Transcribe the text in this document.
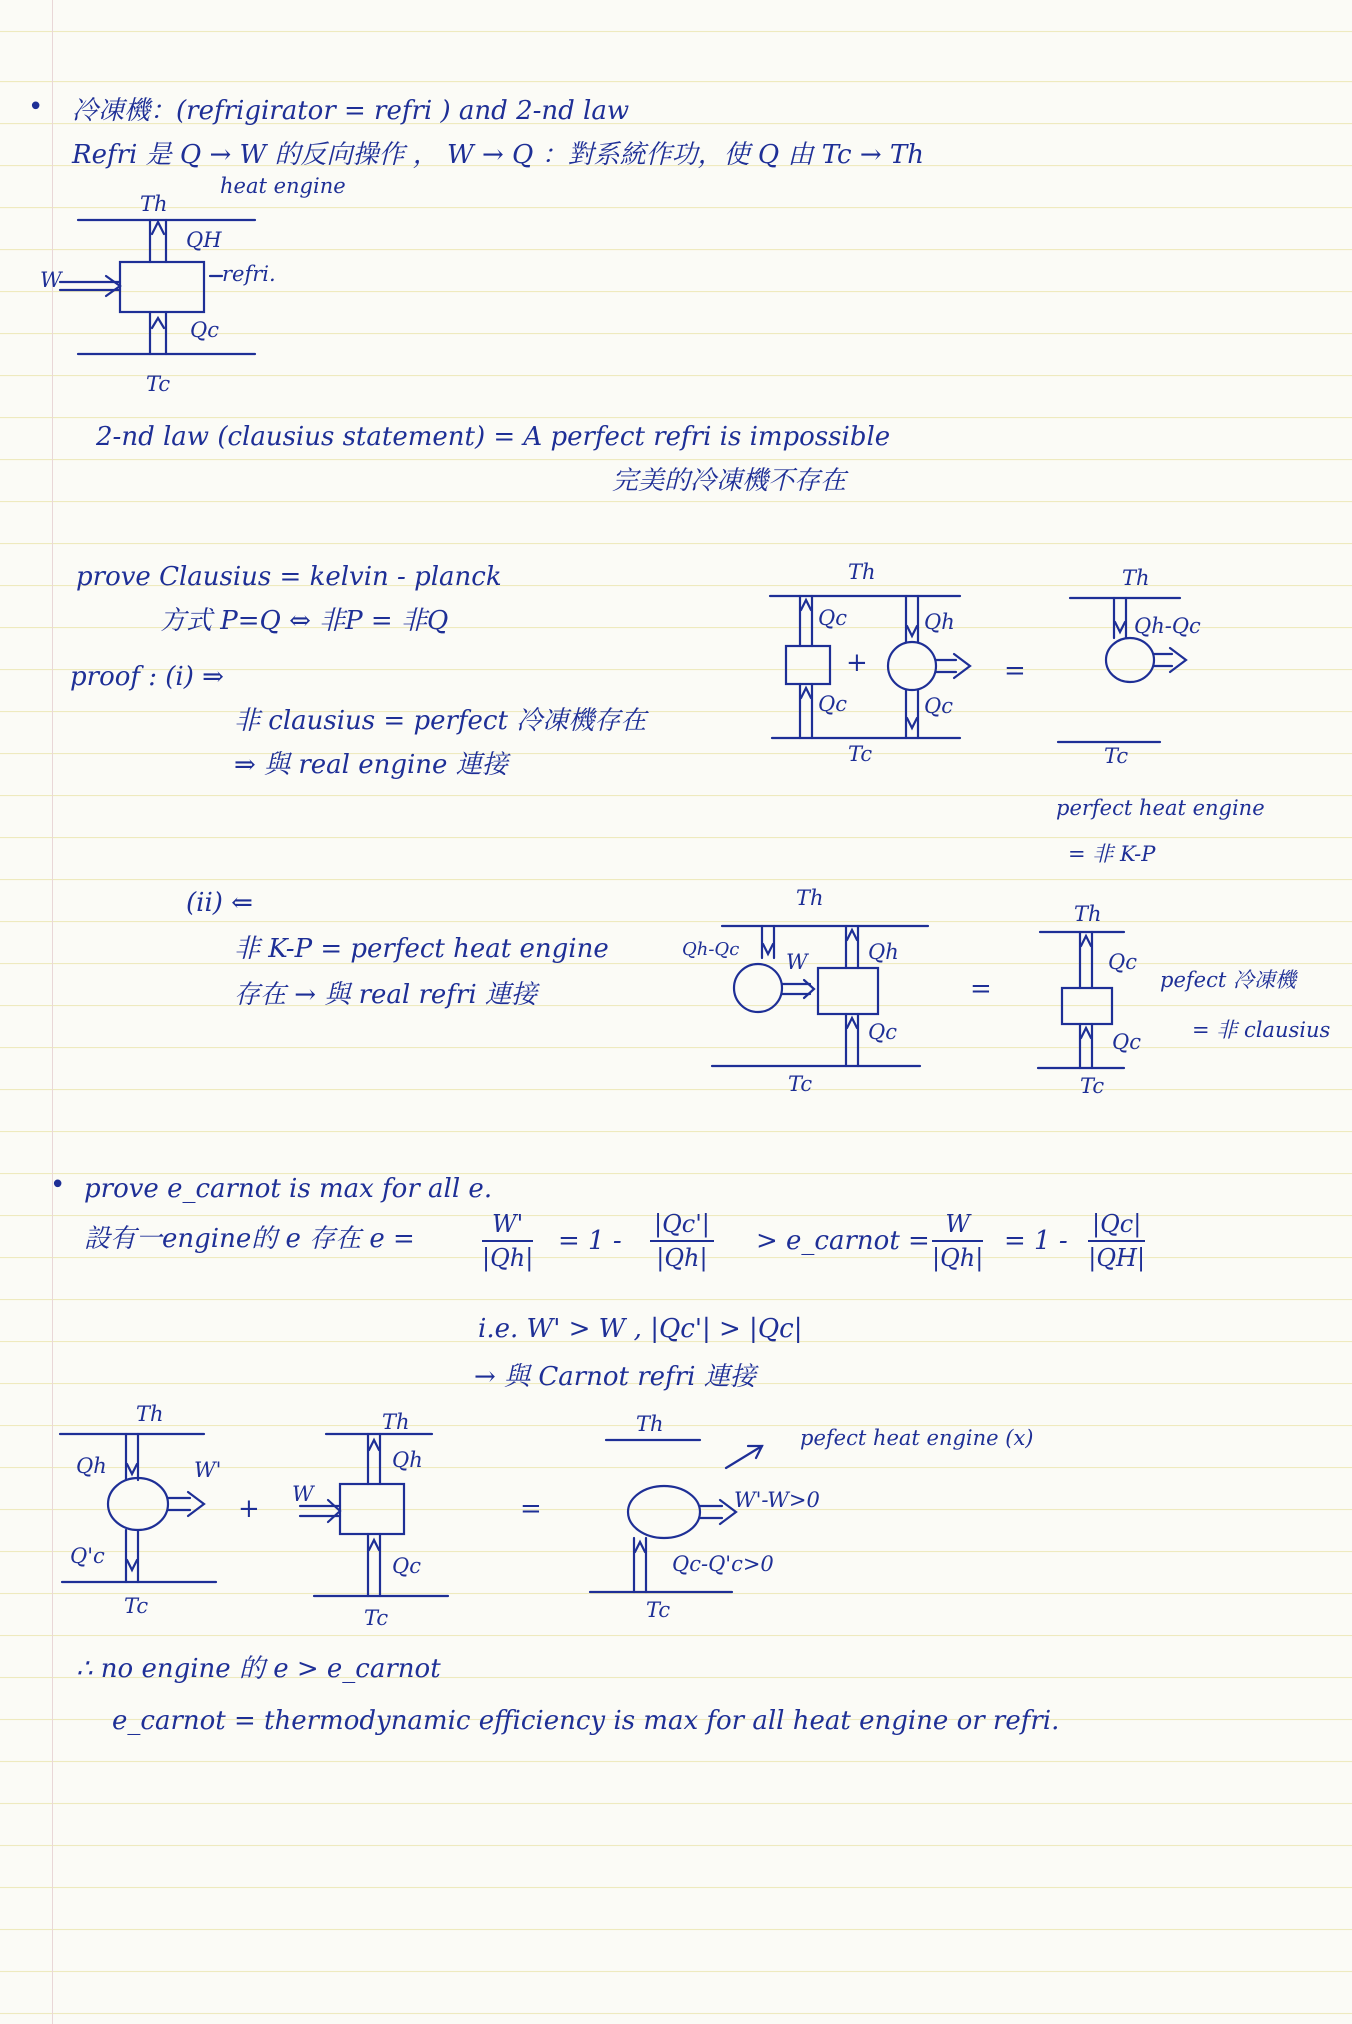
• 冷凍機：(refrigirator = refri ) and 2-nd law
Refri 是 Q → W 的反向操作 ， W → Q ：對系統作功，使 Q 由 Tc → Th
heat engine
Th
QH
W	refri.
Qc
Tc
2-nd law (clausius statement) = A perfect refri is impossible
完美的冷凍機不存在
prove Clausius = kelvin - planck
方式 P=Q ⇔ 非P = 非Q
proof : (i) ⇒
非 clausius = perfect 冷凍機存在
⇒ 與 real engine 連接
Th
Qc	Qh
+	=
Qc	Qc
Tc
Th
Qh-Qc
Tc
perfect heat engine
= 非 K-P
(ii) ⇐
非 K-P = perfect heat engine
存在 → 與 real refri 連接
Th
Qh-Qc
W	Qh
=
Qc
Tc
Th
Qc
Qc
Tc
pefect 冷凍機
= 非 clausius
• prove e_carnot is max for all e.
設有一engine的 e 存在 e =	$\frac{W'}{|Qh|} = 1 - \frac{|Qc'|}{|Qh|}$ > e_carnot = $\frac{W}{|Qh|} = 1 - \frac{|Qc|}{|QH|}$
i.e. W' > W , |Qc'| > |Qc|
→ 與 Carnot refri 連接
Th
Qh	W'
Q'c
Tc
+
Th
Qh
W
Qc
Tc
=
Th
pefect heat engine (x)
W'-W>0
Qc-Q'c>0
Tc
∴ no engine 的 e > e_carnot
e_carnot = thermodynamic efficiency is max for all heat engine or refri.
